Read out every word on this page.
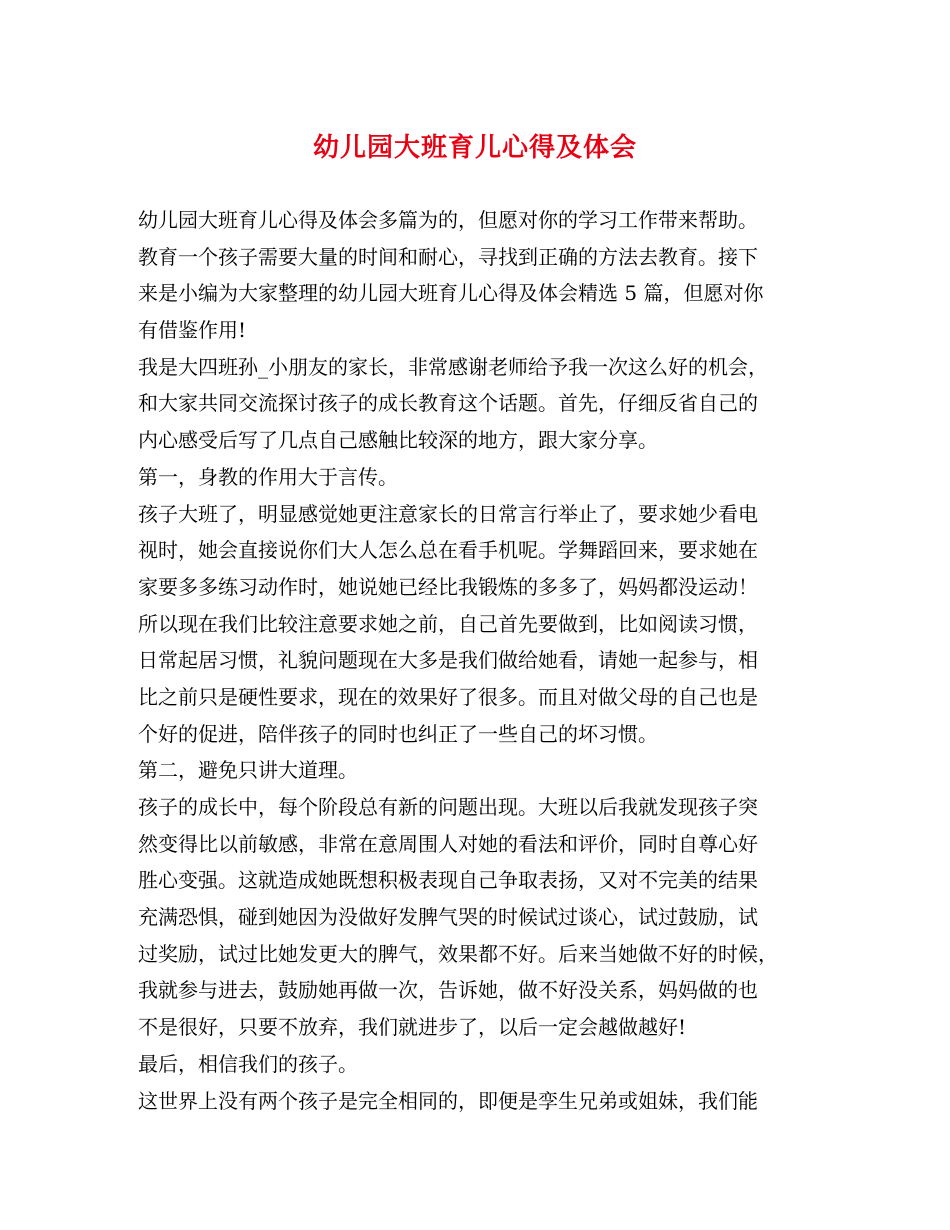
幼儿园大班育儿心得及体会
幼儿园大班育儿心得及体会多篇为的，但愿对你的学习工作带来帮助。
教育一个孩子需要大量的时间和耐心，寻找到正确的方法去教育。接下
来是小编为大家整理的幼儿园大班育儿心得及体会精选 5 篇，但愿对你
有借鉴作用!
我是大四班孙_小朋友的家长，非常感谢老师给予我一次这么好的机会，
和大家共同交流探讨孩子的成长教育这个话题。首先，仔细反省自己的
内心感受后写了几点自己感触比较深的地方，跟大家分享。
第一，身教的作用大于言传。
孩子大班了，明显感觉她更注意家长的日常言行举止了，要求她少看电
视时，她会直接说你们大人怎么总在看手机呢。学舞蹈回来，要求她在
家要多多练习动作时，她说她已经比我锻炼的多多了，妈妈都没运动！
所以现在我们比较注意要求她之前，自己首先要做到，比如阅读习惯，
日常起居习惯，礼貌问题现在大多是我们做给她看，请她一起参与，相
比之前只是硬性要求，现在的效果好了很多。而且对做父母的自己也是
个好的促进，陪伴孩子的同时也纠正了一些自己的坏习惯。
第二，避免只讲大道理。
孩子的成长中，每个阶段总有新的问题出现。大班以后我就发现孩子突
然变得比以前敏感，非常在意周围人对她的看法和评价，同时自尊心好
胜心变强。这就造成她既想积极表现自己争取表扬，又对不完美的结果
充满恐惧，碰到她因为没做好发脾气哭的时候试过谈心，试过鼓励，试
过奖励，试过比她发更大的脾气，效果都不好。后来当她做不好的时候，
我就参与进去，鼓励她再做一次，告诉她，做不好没关系，妈妈做的也
不是很好，只要不放弃，我们就进步了，以后一定会越做越好!
最后，相信我们的孩子。
这世界上没有两个孩子是完全相同的，即便是孪生兄弟或姐妹，我们能
